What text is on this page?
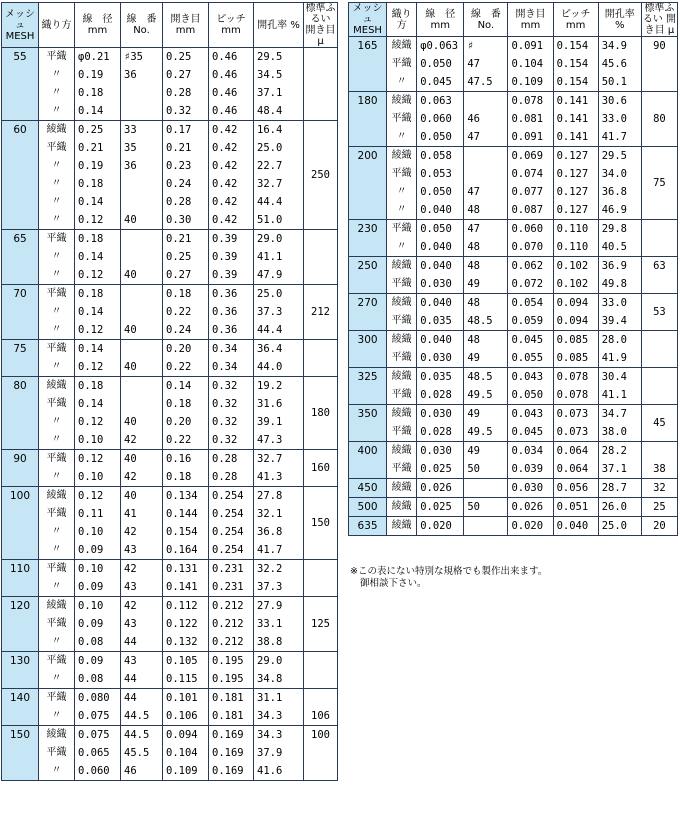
メッシュ MESH	織り方	線　径 mm	線　番 No.	開き目 mm	ピッチ mm	開孔率 %	標準ふるい 開き目 μ
55	平織	φ0.21	♯35	0.25	0.46	29.5	
	〃	0.19	36	0.27	0.46	34.5	
	〃	0.18		0.28	0.46	37.1	
	〃	0.14		0.32	0.46	48.4	
60	綾織	0.25	33	0.17	0.42	16.4	250
	平織	0.21	35	0.21	0.42	25.0	
	〃	0.19	36	0.23	0.42	22.7	
	〃	0.18		0.24	0.42	32.7	
	〃	0.14		0.28	0.42	44.4	
	〃	0.12	40	0.30	0.42	51.0	
65	平織	0.18		0.21	0.39	29.0	
	〃	0.14		0.25	0.39	41.1	
	〃	0.12	40	0.27	0.39	47.9	
70	平織	0.18		0.18	0.36	25.0	212
	〃	0.14		0.22	0.36	37.3	
	〃	0.12	40	0.24	0.36	44.4	
75	平織	0.14		0.20	0.34	36.4	
	〃	0.12	40	0.22	0.34	44.0	
80	綾織	0.18		0.14	0.32	19.2	180
	平織	0.14		0.18	0.32	31.6	
	〃	0.12	40	0.20	0.32	39.1	
	〃	0.10	42	0.22	0.32	47.3	
90	平織	0.12	40	0.16	0.28	32.7	160
	〃	0.10	42	0.18	0.28	41.3	
100	綾織	0.12	40	0.134	0.254	27.8	150
	平織	0.11	41	0.144	0.254	32.1	
	〃	0.10	42	0.154	0.254	36.8	
	〃	0.09	43	0.164	0.254	41.7	
110	平織	0.10	42	0.131	0.231	32.2	
	〃	0.09	43	0.141	0.231	37.3	
120	綾織	0.10	42	0.112	0.212	27.9	125
	平織	0.09	43	0.122	0.212	33.1	
	〃	0.08	44	0.132	0.212	38.8	
130	平織	0.09	43	0.105	0.195	29.0	
	〃	0.08	44	0.115	0.195	34.8	
140	平織	0.080	44	0.101	0.181	31.1	106
	〃	0.075	44.5	0.106	0.181	34.3	
150	綾織	0.075	44.5	0.094	0.169	34.3	100
	平織	0.065	45.5	0.104	0.169	37.9	
	〃	0.060	46	0.109	0.169	41.6	
メッシュ MESH	織り方	線　径 mm	線　番 No.	開き目 mm	ピッチ mm	開孔率 %	標準ふるい 開き目 μ
165	綾織	φ0.063	♯	0.091	0.154	34.9	90
	平織	0.050	47	0.104	0.154	45.6	
	〃	0.045	47.5	0.109	0.154	50.1	
180	綾織	0.063		0.078	0.141	30.6	80
	平織	0.060	46	0.081	0.141	33.0	
	〃	0.050	47	0.091	0.141	41.7	
200	綾織	0.058		0.069	0.127	29.5	75
	平織	0.053		0.074	0.127	34.0	
	〃	0.050	47	0.077	0.127	36.8	
	〃	0.040	48	0.087	0.127	46.9	
230	平織	0.050	47	0.060	0.110	29.8	
	〃	0.040	48	0.070	0.110	40.5	
250	綾織	0.040	48	0.062	0.102	36.9	63
	平織	0.030	49	0.072	0.102	49.8	
270	綾織	0.040	48	0.054	0.094	33.0	53
	平織	0.035	48.5	0.059	0.094	39.4	
300	綾織	0.040	48	0.045	0.085	28.0	
	平織	0.030	49	0.055	0.085	41.9	
325	綾織	0.035	48.5	0.043	0.078	30.4	
	平織	0.028	49.5	0.050	0.078	41.1	
350	綾織	0.030	49	0.043	0.073	34.7	45
	平織	0.028	49.5	0.045	0.073	38.0	
400	綾織	0.030	49	0.034	0.064	28.2	38
	平織	0.025	50	0.039	0.064	37.1	
450	綾織	0.026		0.030	0.056	28.7	32
500	綾織	0.025	50	0.026	0.051	26.0	25
635	綾織	0.020		0.020	0.040	25.0	20
※この表にない特別な規格でも製作出来ます。
御相談下さい。
